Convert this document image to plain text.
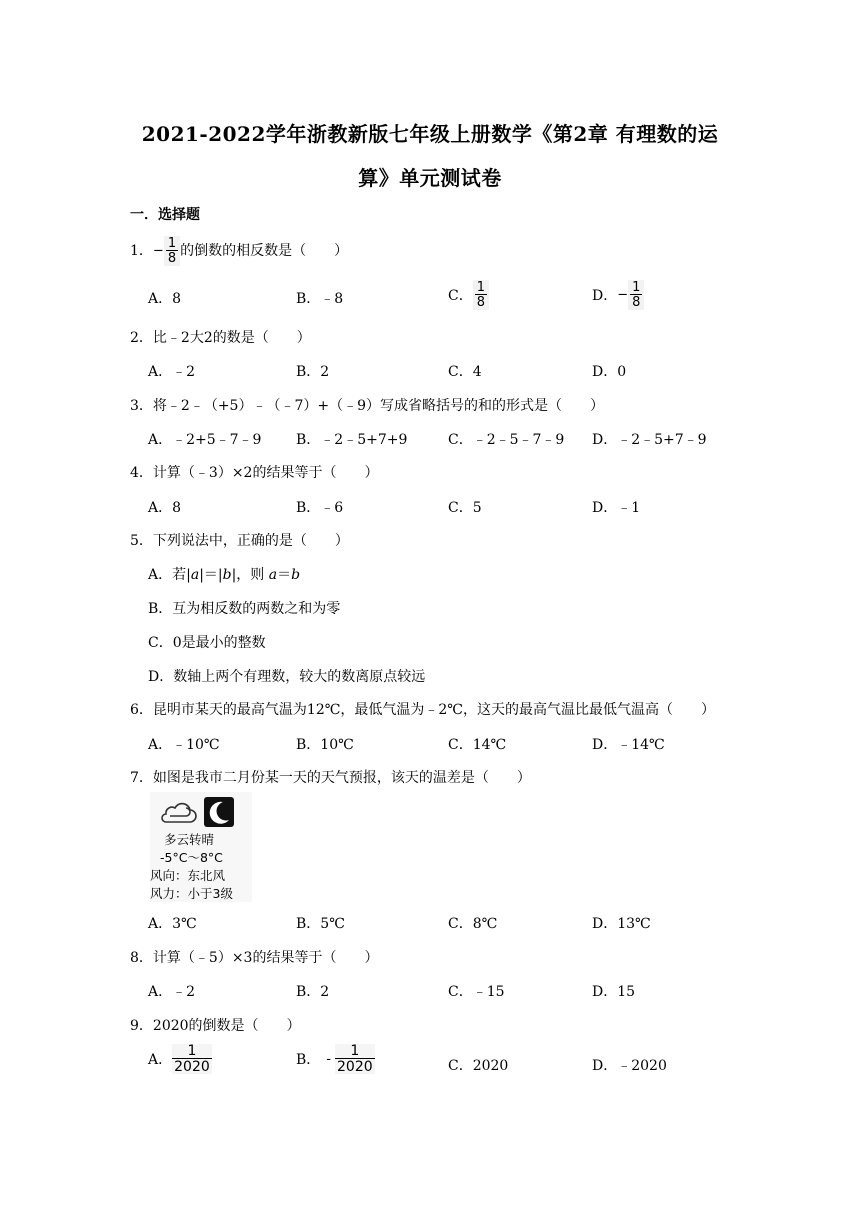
2021-2022学年浙教新版七年级上册数学《第2章 有理数的运
算》单元测试卷
一．选择题
1．− $\frac{1}{8}$ 的倒数的相反数是（　　）
A．8	B．﹣8	C． $\frac{1}{8}$	D．− $\frac{1}{8}$
2．比﹣2大2的数是（　　）
A．﹣2	B．2	C．4	D．0
3．将﹣2﹣（+5）﹣（﹣7）+（﹣9）写成省略括号的和的形式是（　　）
A．﹣2+5﹣7﹣9 B．﹣2﹣5+7+9	C．﹣2﹣5﹣7﹣9 D．﹣2﹣5+7﹣9
4．计算（﹣3）×2的结果等于（　　）
A．8	B．﹣6	C．5	D．﹣1
5．下列说法中，正确的是（　　）
A．若|a|＝|b|，则 a＝b
B．互为相反数的两数之和为零
C．0是最小的整数
D．数轴上两个有理数，较大的数离原点较远
6．昆明市某天的最高气温为12℃，最低气温为﹣2℃，这天的最高气温比最低气温高（　　）
A．﹣10℃	B．10℃	C．14℃	D．﹣14℃
7．如图是我市二月份某一天的天气预报，该天的温差是（　　）
多云转晴
-5°C～8°C
风向：东北风
风力：小于3级
A．3℃	B．5℃	C．8℃	D．13℃
8．计算（﹣5）×3的结果等于（　　）
A．﹣2	B．2	C．﹣15	D．15
9．2020的倒数是（　　）
A． $\frac{1}{2020}$	B． - $\frac{1}{2020}$	C．2020	D．﹣2020
